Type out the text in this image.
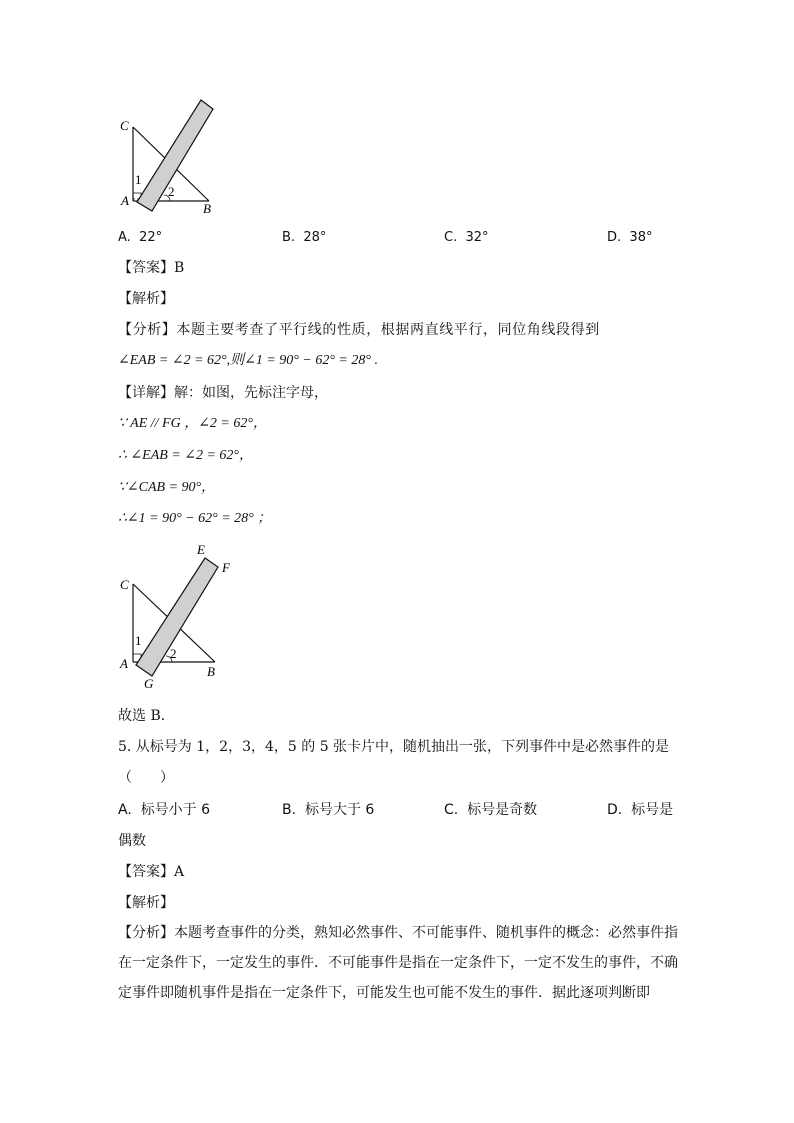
C
A
B
1
2
A. 22°	B. 28°	C. 32°	D. 38°
【答案】B
【解析】
【分析】本题主要考查了平行线的性质，根据两直线平行，同位角线段得到
∠EAB = ∠2 = 62°,则∠1 = 90° − 62° = 28° .
【详解】解：如图，先标注字母，
∵ AE // FG ，∠2 = 62°，
∴ ∠EAB = ∠2 = 62°，
∵∠CAB = 90°，
∴∠1 = 90° − 62° = 28° ；
E
F
C
A
B
G
1
2
故选 B．
5. 从标号为 1，2，3，4，5 的 5 张卡片中，随机抽出一张，下列事件中是必然事件的是
（　　）
A. 标号小于 6	B. 标号大于 6	C. 标号是奇数	D. 标号是
偶数
【答案】A
【解析】
【分析】本题考查事件的分类，熟知必然事件、不可能事件、随机事件的概念：必然事件指在一定条件下，一定发生的事件．不可能事件是指在一定条件下，一定不发生的事件，不确定事件即随机事件是指在一定条件下，可能发生也可能不发生的事件．据此逐项判断即
